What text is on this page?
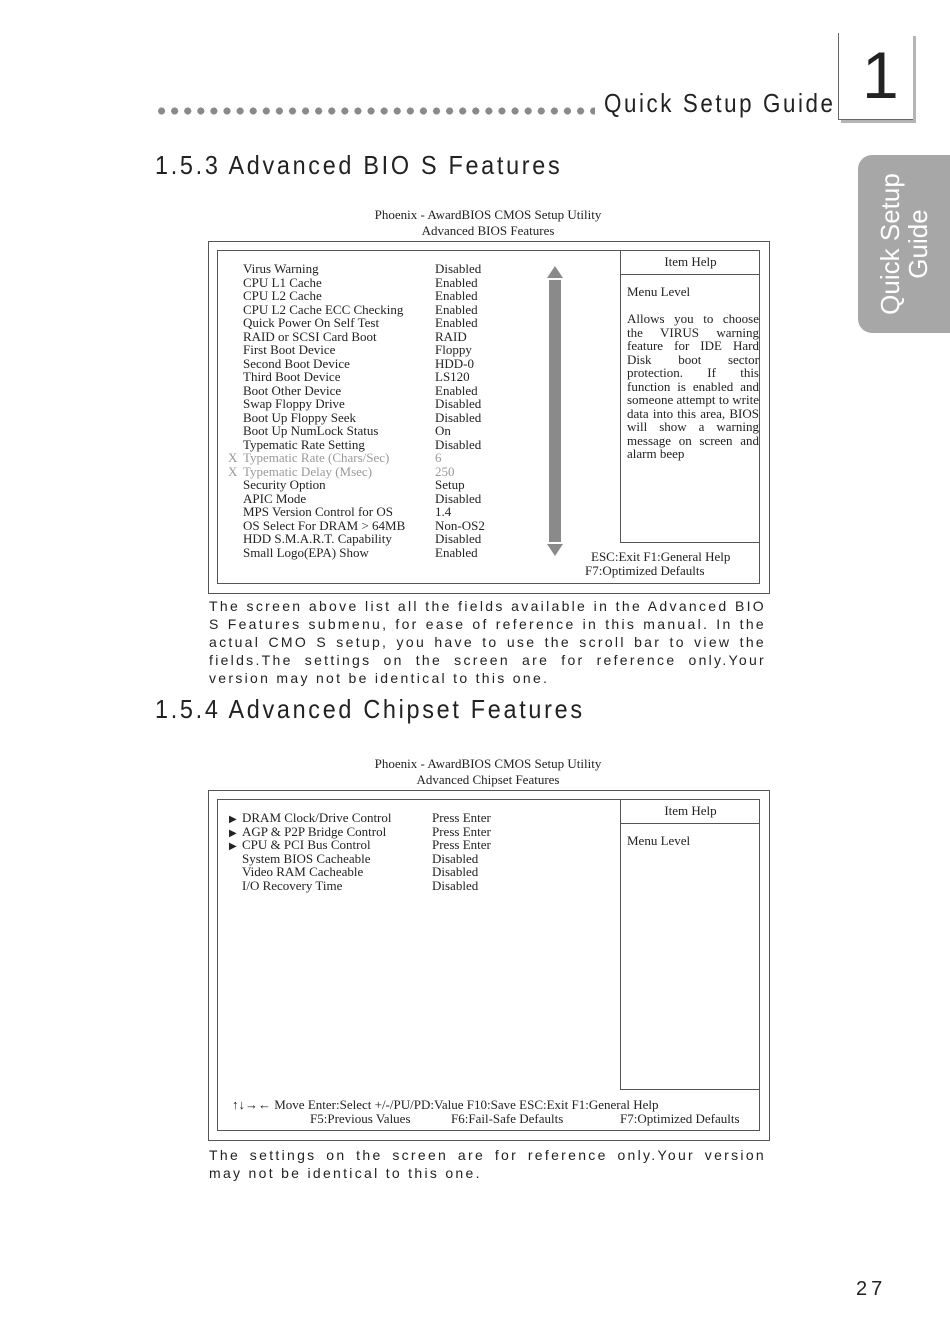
Quick Setup Guide 1
Quick Setup
Guide
1.5.3 Advanced BIO S Features
Phoenix - AwardBIOS CMOS Setup Utility
Advanced BIOS Features
Virus Warning	Disabled
CPU L1 Cache	Enabled
CPU L2 Cache	Enabled
CPU L2 Cache ECC Checking Enabled
Quick Power On Self Test	Enabled
RAID or SCSI Card Boot	RAID
First Boot Device	Floppy
Second Boot Device	HDD-0
Third Boot Device	LS120
Boot Other Device	Enabled
Swap Floppy Drive	Disabled
Boot Up Floppy Seek	Disabled
Boot Up NumLock Status	On
Typematic Rate Setting	Disabled
X Typematic Rate (Chars/Sec)	6
X Typematic Delay (Msec)	250
Security Option	Setup
APIC Mode	Disabled
MPS Version Control for OS	1.4
OS Select For DRAM > 64MB Non-OS2
HDD S.M.A.R.T. Capability	Disabled
Small Logo(EPA) Show	Enabled
Item Help
Menu Level
Allows you to choose the VIRUS warning feature for IDE Hard Disk boot sector protection. If this function is enabled and someone attempt to write data into this area, BIOS will show a warning message on screen and alarm beep
ESC:Exit F1:General Help
F7:Optimized Defaults
The screen above list all the fields available in the Advanced BIO S Features submenu, for ease of reference in this manual. In the actual CMO S setup, you have to use the scroll bar to view the fields.The settings on the screen are for reference only.Your version may not be identical to this one.
1.5.4 Advanced Chipset Features
Phoenix - AwardBIOS CMOS Setup Utility
Advanced Chipset Features
▶ DRAM Clock/Drive Control	Press Enter
▶ AGP & P2P Bridge Control	Press Enter
▶ CPU & PCI Bus Control	Press Enter
System BIOS Cacheable	Disabled
Video RAM Cacheable	Disabled
I/O Recovery Time	Disabled
Item Help
Menu Level
↑↓→← Move Enter:Select +/-/PU/PD:Value F10:Save ESC:Exit F1:General Help
F5:Previous Values	F6:Fail-Safe Defaults	F7:Optimized Defaults
The settings on the screen are for reference only.Your version may not be identical to this one.
27
